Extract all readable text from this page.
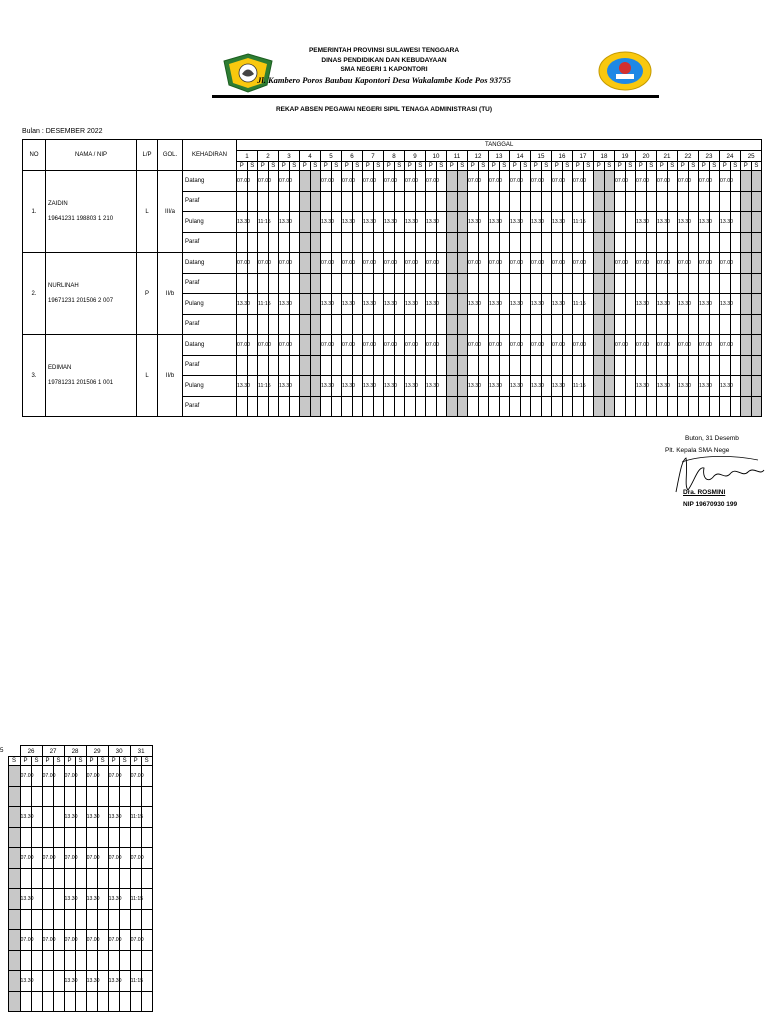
PEMERINTAH PROVINSI SULAWESI TENGGARA
DINAS PENDIDIKAN DAN KEBUDAYAAN
SMA NEGERI 1 KAPONTORI
Jl. Kambero Poros Baubau Kapontori Desa Wakalambe Kode Pos 93755
REKAP ABSEN PEGAWAI NEGERI SIPIL TENAGA ADMINISTRASI (TU)
Bulan : DESEMBER 2022
NO	NAMA / NIP	L/P	GOL.	KEHADIRAN	TANGGAL																																																	
					1		2		3		4		5		6		7		8		9		10		11		12		13		14		15		16		17		18		19		20		21		22		23		24		25	
					P	S	P	S	P	S	P	S	P	S	P	S	P	S	P	S	P	S	P	S	P	S	P	S	P	S	P	S	P	S	P	S	P	S	P	S	P	S	P	S	P	S	P	S	P	S	P	S	P	S
1.	ZAIDIN
19641231 198803 1 210	L	III/a	Datang	07.00		07.00		07.00				07.00		07.00		07.00		07.00		07.00		07.00				07.00		07.00		07.00		07.00		07.00		07.00				07.00		07.00		07.00		07.00		07.00		07.00			
				Paraf																																																		
				Pulang	13.30		11:15		13.30				13.30		13.30		13.30		13.30		13.30		13.30				13.30		13.30		13.30		13.30		13.30		11:15						13.30		13.30		13.30		13.30		13.30			
				Paraf																																																		
2.	NURLINAH
19671231 201506 2 007	P	II/b	Datang	07.00		07.00		07.00				07.00		07.00		07.00		07.00		07.00		07.00				07.00		07.00		07.00		07.00		07.00		07.00				07.00		07.00		07.00		07.00		07.00		07.00			
				Paraf																																																		
				Pulang	13.30		11:15		13.30				13.30		13.30		13.30		13.30		13.30		13.30				13.30		13.30		13.30		13.30		13.30		11:15						13.30		13.30		13.30		13.30		13.30			
				Paraf																																																		
3.	EDIMAN
19781231 201506 1 001	L	II/b	Datang	07.00		07.00		07.00				07.00		07.00		07.00		07.00		07.00		07.00				07.00		07.00		07.00		07.00		07.00		07.00				07.00		07.00		07.00		07.00		07.00		07.00			
				Paraf																																																		
				Pulang	13.30		11:15		13.30				13.30		13.30		13.30		13.30		13.30		13.30				13.30		13.30		13.30		13.30		13.30		11:15						13.30		13.30		13.30		13.30		13.30			
				Paraf																																																		
5		26		27		28		29		30		31	
	S	P	S	P	S	P	S	P	S	P	S	P	S
		07.00		07.00		07.00		07.00		07.00		07.00	

		13.30				13.30		13.30		13.30		11:15	

		07.00		07.00		07.00		07.00		07.00		07.00	

		13.30				13.30		13.30		13.30		11:15	

		07.00		07.00		07.00		07.00		07.00		07.00	

		13.30				13.30		13.30		13.30		11:15	

Buton, 31 Desemb
Plt. Kepala SMA Nege
Dra. ROSMINI
NIP 19670930 199
